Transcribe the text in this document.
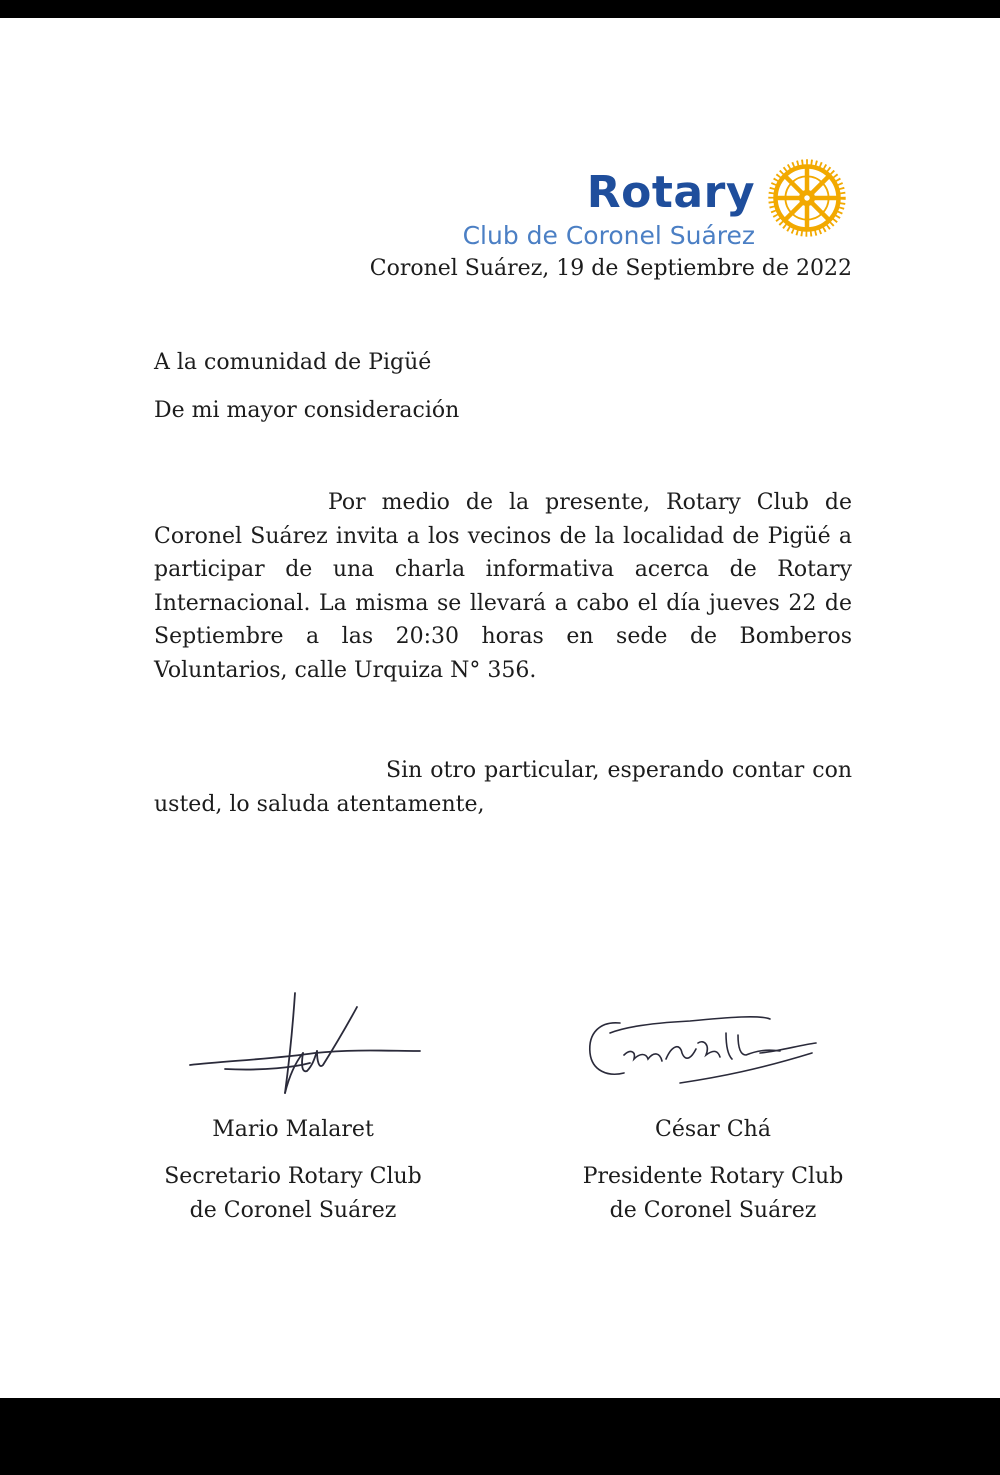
Rotary
Club de Coronel Suárez
Coronel Suárez, 19 de Septiembre de 2022
A la comunidad de Pigüé
De mi mayor consideración

Por medio de la presente, Rotary Club de Coronel Suárez invita a los vecinos de la localidad de Pigüé a participar de una charla informativa acerca de Rotary Internacional. La misma se llevará a cabo el día jueves 22 de Septiembre a las 20:30 horas en sede de Bomberos Voluntarios, calle Urquiza N° 356.

Sin otro particular, esperando contar con usted, lo saluda atentamente,

Mario Malaret
Secretario Rotary Club
de Coronel Suárez
César Chá
Presidente Rotary Club
de Coronel Suárez
